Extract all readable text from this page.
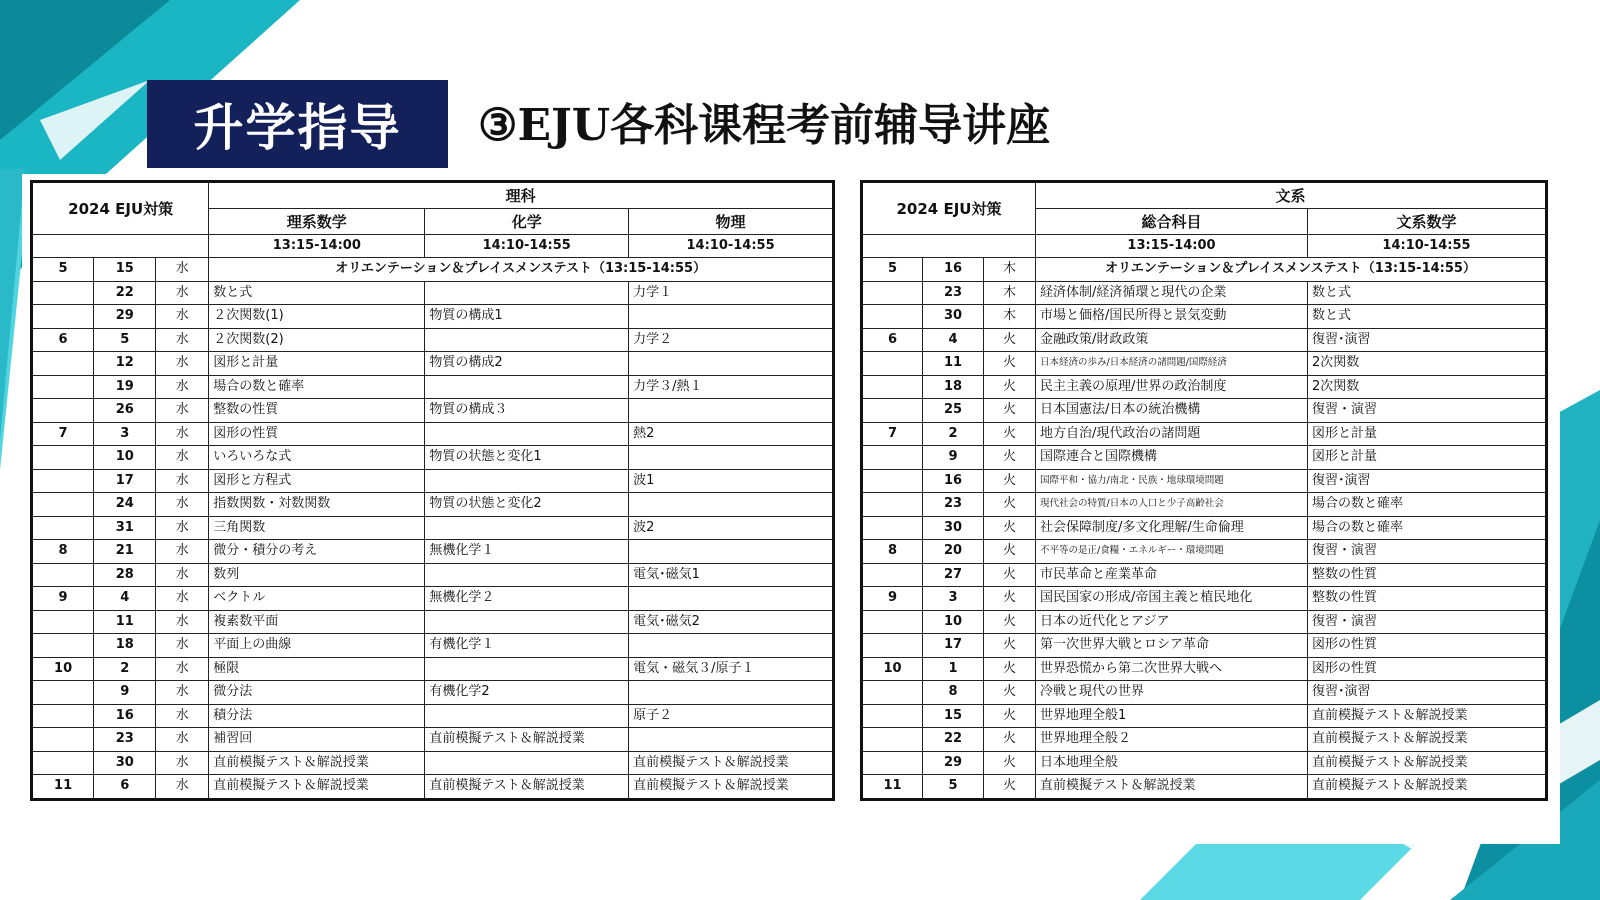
升学指导	③EJU各科课程考前辅导讲座
2024 EJU対策			理科		
			理系数学	化学	物理
			13:15-14:00	14:10-14:55	14:10-14:55
5	15	水	オリエンテーション＆プレイスメンステスト（13:15-14:55）		
	22	水	数と式		力学１
	29	水	２次関数(1)	物質の構成1	
6	5	水	２次関数(2)		力学２
	12	水	図形と計量	物質の構成2	
	19	水	場合の数と確率		力学３/熱１
	26	水	整数の性質	物質の構成３	
7	3	水	図形の性質		熱2
	10	水	いろいろな式	物質の状態と変化1	
	17	水	図形と方程式		波1
	24	水	指数関数・対数関数	物質の状態と変化2	
	31	水	三角関数		波2
8	21	水	微分・積分の考え	無機化学１	
	28	水	数列		電気･磁気1
9	4	水	ベクトル	無機化学２	
	11	水	複素数平面		電気･磁気2
	18	水	平面上の曲線	有機化学１	
10	2	水	極限		電気・磁気３/原子１
	9	水	微分法	有機化学2	
	16	水	積分法		原子２
	23	水	補習回	直前模擬テスト＆解説授業	
	30	水	直前模擬テスト＆解説授業		直前模擬テスト＆解説授業
11	6	水	直前模擬テスト＆解説授業	直前模擬テスト＆解説授業	直前模擬テスト＆解説授業
2024 EJU対策			文系	
			総合科目	文系数学
			13:15-14:00	14:10-14:55
5	16	木	オリエンテーション＆プレイスメンステスト（13:15-14:55）	
	23	木	経済体制/経済循環と現代の企業	数と式
	30	木	市場と価格/国民所得と景気変動	数と式
6	4	火	金融政策/財政政策	復習･演習
	11	火	日本経済の歩み/日本経済の諸問題/国際経済	2次関数
	18	火	民主主義の原理/世界の政治制度	2次関数
	25	火	日本国憲法/日本の統治機構	復習・演習
7	2	火	地方自治/現代政治の諸問題	図形と計量
	9	火	国際連合と国際機構	図形と計量
	16	火	国際平和・協力/南北・民族・地球環境問題	復習･演習
	23	火	現代社会の特質/日本の人口と少子高齢社会	場合の数と確率
	30	火	社会保障制度/多文化理解/生命倫理	場合の数と確率
8	20	火	不平等の是正/食糧・エネルギー・環境問題	復習・演習
	27	火	市民革命と産業革命	整数の性質
9	3	火	国民国家の形成/帝国主義と植民地化	整数の性質
	10	火	日本の近代化とアジア	復習・演習
	17	火	第一次世界大戦とロシア革命	図形の性質
10	1	火	世界恐慌から第二次世界大戦へ	図形の性質
	8	火	冷戦と現代の世界	復習･演習
	15	火	世界地理全般1	直前模擬テスト＆解説授業
	22	火	世界地理全般２	直前模擬テスト＆解説授業
	29	火	日本地理全般	直前模擬テスト＆解説授業
11	5	火	直前模擬テスト＆解説授業	直前模擬テスト＆解説授業
